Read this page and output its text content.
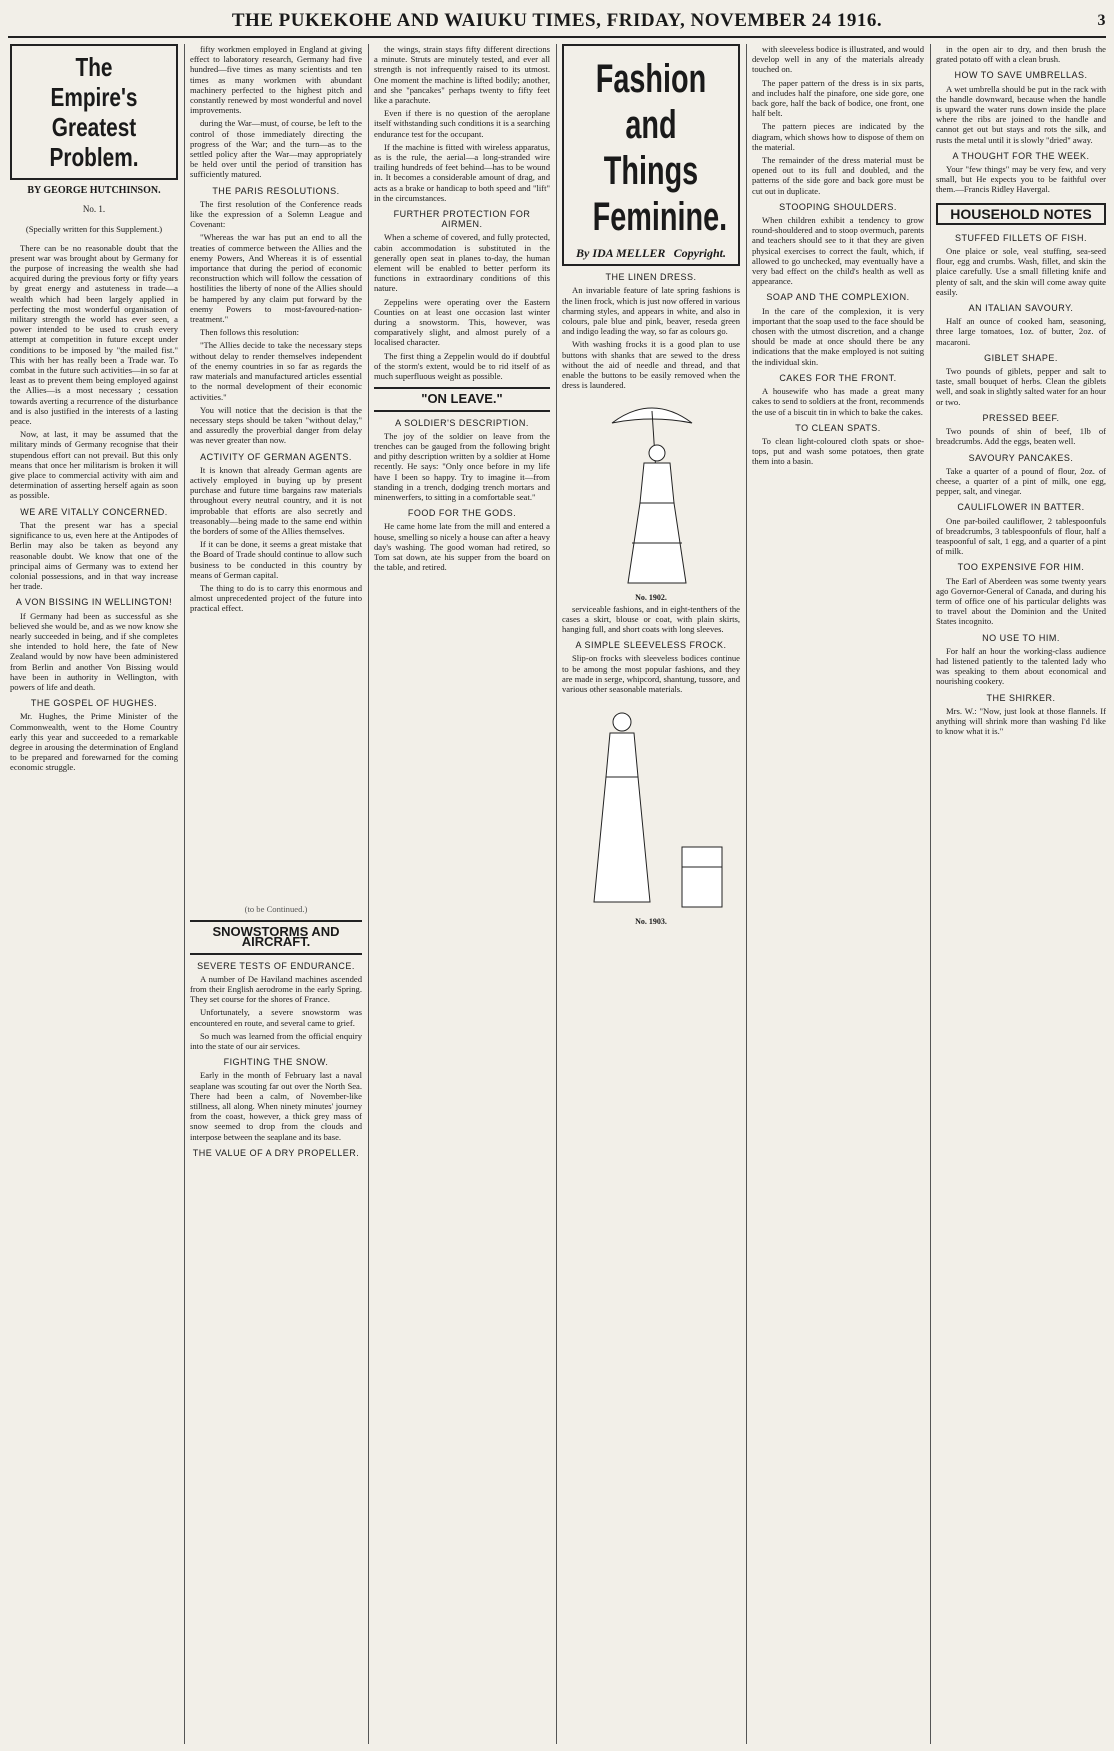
THE PUKEKOHE AND WAIUKU TIMES, FRIDAY, NOVEMBER 24 1916.	3
The Empire's Greatest Problem.
BY GEORGE HUTCHINSON.
No. 1.
(Specially written for this Supplement.)

There can be no reasonable doubt that the present war was brought about by Germany for the purpose of increasing the wealth she had acquired during the previous forty or fifty years by great energy and astuteness in trade—a wealth which had been largely applied in perfecting the most wonderful organisation of military strength the world has ever seen, a power intended to be used to crush every attempt at competition in future except under conditions to be imposed by "the mailed fist." This with her has really been a Trade war. To combat in the future such activities—in so far at least as to prevent them being employed against the Allies—is a most necessary ; cessation towards averting a recurrence of the disturbance and is also justified in the interests of a lasting peace.

Now, at last, it may be assumed that the military minds of Germany recognise that their stupendous effort can not prevail. But this only means that once her militarism is broken it will give place to commercial activity with aim and determination of asserting herself again as soon as possible.

WE ARE VITALLY CONCERNED.

That the present war has a special significance to us, even here at the Antipodes of Berlin may also be taken as beyond any reasonable doubt. We know that one of the principal aims of Germany was to extend her colonial possessions, and in that way increase her trade.

A VON BISSING IN WELLINGTON!

If Germany had been as successful as she believed she would be, and as we now know she nearly succeeded in being, and if she completes she intended to hold here, the fate of New Zealand would by now have been administered from Berlin and another Von Bissing would have been in authority in Wellington, with powers of life and death.

THE GOSPEL OF HUGHES.

Mr. Hughes, the Prime Minister of the Commonwealth, went to the Home Country early this year and succeeded to a remarkable degree in arousing the determination of England to be prepared and forewarned for the coming economic struggle.

fifty workmen employed in England at giving effect to laboratory research, Germany had five hundred—five times as many scientists and ten times as many workmen with abundant machinery perfected to the highest pitch and constantly renewed by most wonderful and novel improvements.

during the War—must, of course, be left to the control of those immediately directing the progress of the War; and the turn—as to the settled policy after the War—may appropriately be held over until the period of transition has sufficiently matured.

THE PARIS RESOLUTIONS.

The first resolution of the Conference reads like the expression of a Solemn League and Covenant:

"Whereas the war has put an end to all the treaties of commerce between the Allies and the enemy Powers, And Whereas it is of essential importance that during the period of economic reconstruction which will follow the cessation of hostilities the liberty of none of the Allies should be hampered by any claim put forward by the enemy Powers to most-favoured-nation-treatment."

Then follows this resolution:

"The Allies decide to take the necessary steps without delay to render themselves independent of the enemy countries in so far as regards the raw materials and manufactured articles essential to the normal development of their economic activities."

You will notice that the decision is that the necessary steps should be taken "without delay," and assuredly the proverbial danger from delay was never greater than now.

ACTIVITY OF GERMAN AGENTS.

It is known that already German agents are actively employed in buying up by present purchase and future time bargains raw materials throughout every neutral country, and it is not improbable that efforts are also secretly and treasonably—being made to the same end within the borders of some of the Allies themselves.

If it can be done, it seems a great mistake that the Board of Trade should continue to allow such business to be conducted in this country by means of German capital.

The thing to do is to carry this enormous and almost unprecedented project of the future into practical effect.

the wings, strain stays fifty different directions a minute. Struts are minutely tested, and ever all strength is not infrequently raised to its utmost. One moment the machine is lifted bodily; another, and she "pancakes" perhaps twenty to fifty feet like a parachute.

Even if there is no question of the aeroplane itself withstanding such conditions it is a searching endurance test for the occupant.

If the machine is fitted with wireless apparatus, as is the rule, the aerial—a long-stranded wire trailing hundreds of feet behind—has to be wound in. It becomes a considerable amount of drag, and acts as a brake or handicap to both speed and "lift" in the circumstances.

FURTHER PROTECTION FOR AIRMEN.

When a scheme of covered, and fully protected, cabin accommodation is substituted in the generally open seat in planes to-day, the human element will be enabled to better perform its functions in extraordinary conditions of this nature.

Zeppelins were operating over the Eastern Counties on at least one occasion last winter during a snowstorm. This, however, was comparatively slight, and almost purely of a localised character.

The first thing a Zeppelin would do if doubtful of the storm's extent, would be to rid itself of as much superfluous weight as possible.

"ON LEAVE."
A SOLDIER'S DESCRIPTION.

The joy of the soldier on leave from the trenches can be gauged from the following bright and pithy description written by a soldier at Home recently. He says: "Only once before in my life have I been so happy. Try to imagine it—from standing in a trench, dodging trench mortars and minenwerfers, to sitting in a comfortable seat."

FOOD FOR THE GODS.

He came home late from the mill and entered a house, smelling so nicely a house can after a heavy day's washing. The good woman had retired, so Tom sat down, ate his supper from the board on the table, and retired.

(to be Continued.)
SNOWSTORMS AND AIRCRAFT.
SEVERE TESTS OF ENDURANCE.

A number of De Haviland machines ascended from their English aerodrome in the early Spring. They set course for the shores of France.

Unfortunately, a severe snowstorm was encountered en route, and several came to grief.

So much was learned from the official enquiry into the state of our air services.

FIGHTING THE SNOW.

Early in the month of February last a naval seaplane was scouting far out over the North Sea. There had been a calm, of November-like stillness, all along. When ninety minutes' journey from the coast, however, a thick grey mass of snow seemed to drop from the clouds and interpose between the seaplane and its base.

THE VALUE OF A DRY PROPELLER.
Fashion and Things Feminine.
By IDA MELLER Copyright.
THE LINEN DRESS.

An invariable feature of late spring fashions is the linen frock, which is just now offered in various charming styles, and appears in white, and also in colours, pale blue and pink, beaver, reseda green and indigo leading the way, so far as colours go.

With washing frocks it is a good plan to use buttons with shanks that are sewed to the dress without the aid of needle and thread, and that enable the buttons to be easily removed when the dress is laundered.

No. 1902.

serviceable fashions, and in eight-tenthers of the cases a skirt, blouse or coat, with plain skirts, hanging full, and short coats with long sleeves.

A SIMPLE SLEEVELESS FROCK.

Slip-on frocks with sleeveless bodices continue to be among the most popular fashions, and they are made in serge, whipcord, shantung, tussore, and various other seasonable materials.

No. 1903.

with sleeveless bodice is illustrated, and would develop well in any of the materials already touched on.

The paper pattern of the dress is in six parts, and includes half the pinafore, one side gore, one back gore, half the back of bodice, one front, one half belt.

The pattern pieces are indicated by the diagram, which shows how to dispose of them on the material.

The remainder of the dress material must be opened out to its full and doubled, and the patterns of the side gore and back gore must be cut out in duplicate.

STOOPING SHOULDERS.

When children exhibit a tendency to grow round-shouldered and to stoop overmuch, parents and teachers should see to it that they are given physical exercises to correct the fault, which, if allowed to go unchecked, may eventually have a very bad effect on the child's health as well as appearance.

SOAP AND THE COMPLEXION.

In the care of the complexion, it is very important that the soap used to the face should be chosen with the utmost discretion, and a change should be made at once should there be any indications that the make employed is not suiting the individual skin.

CAKES FOR THE FRONT.

A housewife who has made a great many cakes to send to soldiers at the front, recommends the use of a biscuit tin in which to bake the cakes.

TO CLEAN SPATS.

To clean light-coloured cloth spats or shoe-tops, put and wash some potatoes, then grate them into a basin.

in the open air to dry, and then brush the grated potato off with a clean brush.

HOW TO SAVE UMBRELLAS.

A wet umbrella should be put in the rack with the handle downward, because when the handle is upward the water runs down inside the place where the ribs are joined to the handle and cannot get out but stays and rots the silk, and rusts the metal until it is slowly "dried" away.

A THOUGHT FOR THE WEEK.

Your "few things" may be very few, and very small, but He expects you to be faithful over them.—Francis Ridley Havergal.

HOUSEHOLD NOTES
STUFFED FILLETS OF FISH.

One plaice or sole, veal stuffing, sea-seed flour, egg and crumbs. Wash, fillet, and skin the plaice carefully. Use a small filleting knife and plenty of salt, and the skin will come away quite easily.

AN ITALIAN SAVOURY.

Half an ounce of cooked ham, seasoning, three large tomatoes, 1oz. of butter, 2oz. of macaroni.

GIBLET SHAPE.

Two pounds of giblets, pepper and salt to taste, small bouquet of herbs. Clean the giblets well, and soak in slightly salted water for an hour or two.

PRESSED BEEF.

Two pounds of shin of beef, 1lb of breadcrumbs. Add the eggs, beaten well.

SAVOURY PANCAKES.

Take a quarter of a pound of flour, 2oz. of cheese, a quarter of a pint of milk, one egg, pepper, salt, and vinegar.

CAULIFLOWER IN BATTER.

One par-boiled cauliflower, 2 tablespoonfuls of breadcrumbs, 3 tablespoonfuls of flour, half a teaspoonful of salt, 1 egg, and a quarter of a pint of milk.

TOO EXPENSIVE FOR HIM.

The Earl of Aberdeen was some twenty years ago Governor-General of Canada, and during his term of office one of his particular delights was to travel about the Dominion and the United States incognito.

NO USE TO HIM.

For half an hour the working-class audience had listened patiently to the talented lady who was speaking to them about economical and nourishing cookery.

THE SHIRKER.

Mrs. W.: "Now, just look at those flannels. If anything will shrink more than washing I'd like to know what it is."
